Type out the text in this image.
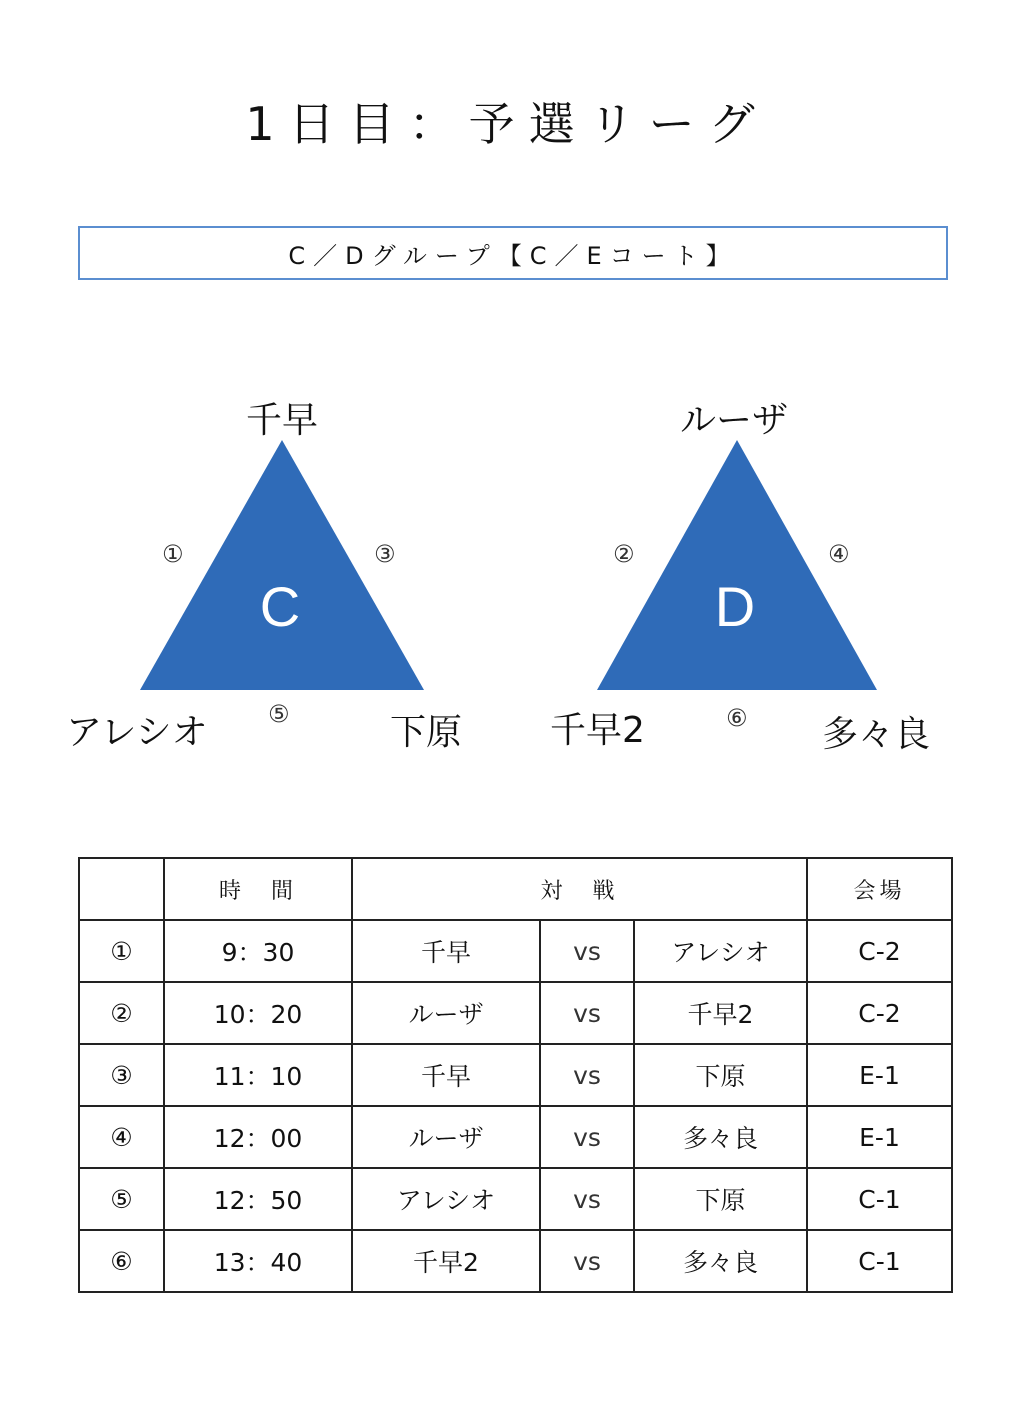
1日目：予選リーグ
C／Dグループ【C／Eコート】
C	D
千早
アレシオ	下原
①	③
⑤
ルーザ
千早2	多々良
②	④
⑥
	時　間	対　戦			会場
①	9：30	千早	vs	アレシオ	C-2
②	10：20	ルーザ	vs	千早2	C-2
③	11：10	千早	vs	下原	E-1
④	12：00	ルーザ	vs	多々良	E-1
⑤	12：50	アレシオ	vs	下原	C-1
⑥	13：40	千早2	vs	多々良	C-1
